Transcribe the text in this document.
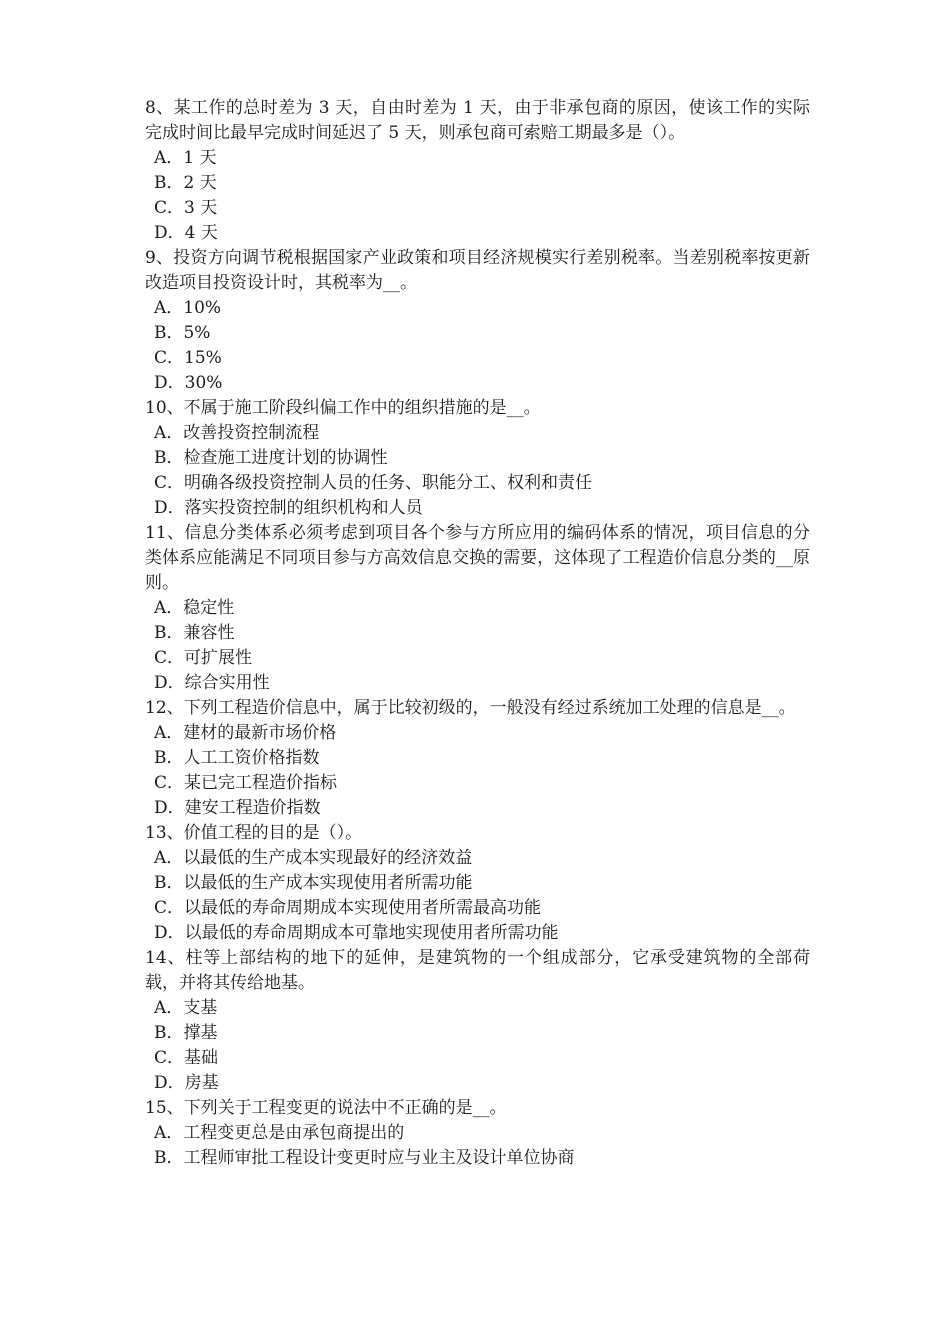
8、某工作的总时差为 3 天，自由时差为 1 天，由于非承包商的原因，使该工作的实际完成时间比最早完成时间延迟了 5 天，则承包商可索赔工期最多是（）。

A．1 天

B．2 天

C．3 天

D．4 天

9、投资方向调节税根据国家产业政策和项目经济规模实行差别税率。当差别税率按更新改造项目投资设计时，其税率为__。

A．10%

B．5%

C．15%

D．30%

10、不属于施工阶段纠偏工作中的组织措施的是__。

A．改善投资控制流程

B．检查施工进度计划的协调性

C．明确各级投资控制人员的任务、职能分工、权利和责任

D．落实投资控制的组织机构和人员

11、信息分类体系必须考虑到项目各个参与方所应用的编码体系的情况，项目信息的分类体系应能满足不同项目参与方高效信息交换的需要，这体现了工程造价信息分类的__原则。

A．稳定性

B．兼容性

C．可扩展性

D．综合实用性

12、下列工程造价信息中，属于比较初级的，一般没有经过系统加工处理的信息是__。

A．建材的最新市场价格

B．人工工资价格指数

C．某已完工程造价指标

D．建安工程造价指数

13、价值工程的目的是（）。

A．以最低的生产成本实现最好的经济效益

B．以最低的生产成本实现使用者所需功能

C．以最低的寿命周期成本实现使用者所需最高功能

D．以最低的寿命周期成本可靠地实现使用者所需功能

14、柱等上部结构的地下的延伸，是建筑物的一个组成部分，它承受建筑物的全部荷载，并将其传给地基。

A．支基

B．撑基

C．基础

D．房基

15、下列关于工程变更的说法中不正确的是__。

A．工程变更总是由承包商提出的

B．工程师审批工程设计变更时应与业主及设计单位协商
